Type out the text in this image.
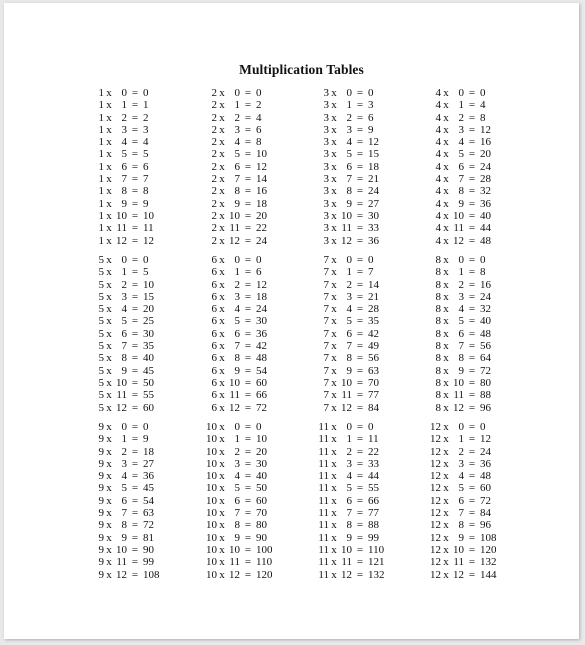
Multiplication Tables
1 x 0 = 0
1 x 1 = 1
1 x 2 = 2
1 x 3 = 3
1 x 4 = 4
1 x 5 = 5
1 x 6 = 6
1 x 7 = 7
1 x 8 = 8
1 x 9 = 9
1 x 10 = 10
1 x 11 = 11
1 x 12 = 12
2 x 0 = 0
2 x 1 = 2
2 x 2 = 4
2 x 3 = 6
2 x 4 = 8
2 x 5 = 10
2 x 6 = 12
2 x 7 = 14
2 x 8 = 16
2 x 9 = 18
2 x 10 = 20
2 x 11 = 22
2 x 12 = 24
3 x 0 = 0
3 x 1 = 3
3 x 2 = 6
3 x 3 = 9
3 x 4 = 12
3 x 5 = 15
3 x 6 = 18
3 x 7 = 21
3 x 8 = 24
3 x 9 = 27
3 x 10 = 30
3 x 11 = 33
3 x 12 = 36
4 x 0 = 0
4 x 1 = 4
4 x 2 = 8
4 x 3 = 12
4 x 4 = 16
4 x 5 = 20
4 x 6 = 24
4 x 7 = 28
4 x 8 = 32
4 x 9 = 36
4 x 10 = 40
4 x 11 = 44
4 x 12 = 48
5 x 0 = 0
5 x 1 = 5
5 x 2 = 10
5 x 3 = 15
5 x 4 = 20
5 x 5 = 25
5 x 6 = 30
5 x 7 = 35
5 x 8 = 40
5 x 9 = 45
5 x 10 = 50
5 x 11 = 55
5 x 12 = 60
6 x 0 = 0
6 x 1 = 6
6 x 2 = 12
6 x 3 = 18
6 x 4 = 24
6 x 5 = 30
6 x 6 = 36
6 x 7 = 42
6 x 8 = 48
6 x 9 = 54
6 x 10 = 60
6 x 11 = 66
6 x 12 = 72
7 x 0 = 0
7 x 1 = 7
7 x 2 = 14
7 x 3 = 21
7 x 4 = 28
7 x 5 = 35
7 x 6 = 42
7 x 7 = 49
7 x 8 = 56
7 x 9 = 63
7 x 10 = 70
7 x 11 = 77
7 x 12 = 84
8 x 0 = 0
8 x 1 = 8
8 x 2 = 16
8 x 3 = 24
8 x 4 = 32
8 x 5 = 40
8 x 6 = 48
8 x 7 = 56
8 x 8 = 64
8 x 9 = 72
8 x 10 = 80
8 x 11 = 88
8 x 12 = 96
9 x 0 = 0
9 x 1 = 9
9 x 2 = 18
9 x 3 = 27
9 x 4 = 36
9 x 5 = 45
9 x 6 = 54
9 x 7 = 63
9 x 8 = 72
9 x 9 = 81
9 x 10 = 90
9 x 11 = 99
9 x 12 = 108
10 x 0 = 0
10 x 1 = 10
10 x 2 = 20
10 x 3 = 30
10 x 4 = 40
10 x 5 = 50
10 x 6 = 60
10 x 7 = 70
10 x 8 = 80
10 x 9 = 90
10 x 10 = 100
10 x 11 = 110
10 x 12 = 120
11 x 0 = 0
11 x 1 = 11
11 x 2 = 22
11 x 3 = 33
11 x 4 = 44
11 x 5 = 55
11 x 6 = 66
11 x 7 = 77
11 x 8 = 88
11 x 9 = 99
11 x 10 = 110
11 x 11 = 121
11 x 12 = 132
12 x 0 = 0
12 x 1 = 12
12 x 2 = 24
12 x 3 = 36
12 x 4 = 48
12 x 5 = 60
12 x 6 = 72
12 x 7 = 84
12 x 8 = 96
12 x 9 = 108
12 x 10 = 120
12 x 11 = 132
12 x 12 = 144
